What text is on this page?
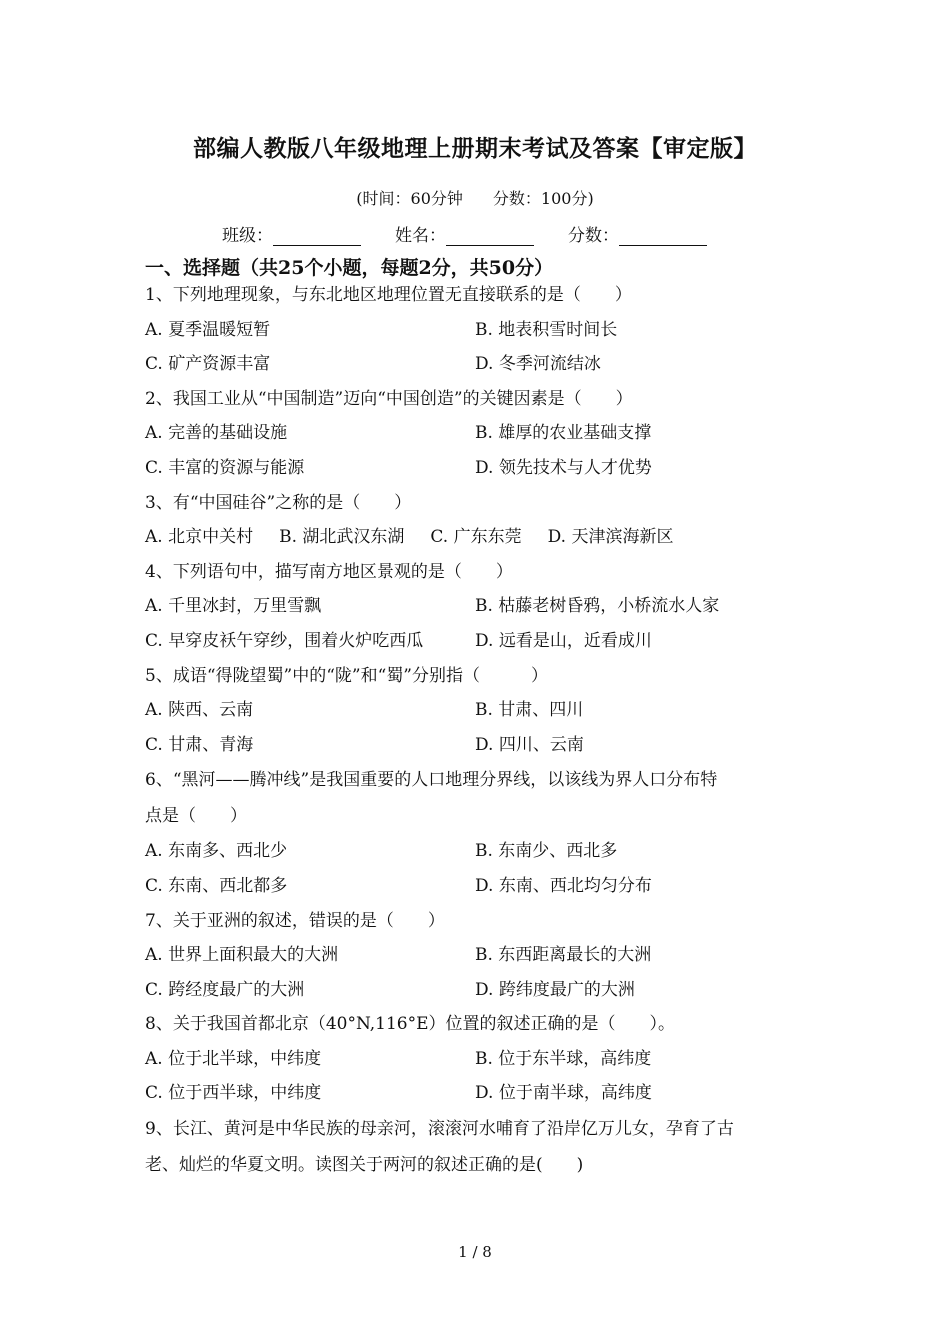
部编人教版八年级地理上册期末考试及答案【审定版】
(时间：60分钟 分数：100分)
班级：	姓名：	分数：
一、选择题（共25个小题，每题2分，共50分）
1、下列地理现象，与东北地区地理位置无直接联系的是（　　）
A. 夏季温暖短暂	B. 地表积雪时间长
C. 矿产资源丰富	D. 冬季河流结冰
2、我国工业从“中国制造”迈向“中国创造”的关键因素是（　　）
A. 完善的基础设施	B. 雄厚的农业基础支撑
C. 丰富的资源与能源	D. 领先技术与人才优势
3、有“中国硅谷”之称的是（　　）
A. 北京中关村 B. 湖北武汉东湖 C. 广东东莞 D. 天津滨海新区
4、下列语句中，描写南方地区景观的是（　　）
A. 千里冰封，万里雪飘	B. 枯藤老树昏鸦，小桥流水人家
C. 早穿皮袄午穿纱，围着火炉吃西瓜	D. 远看是山，近看成川
5、成语“得陇望蜀”中的“陇”和“蜀”分别指（　　　）
A. 陕西、云南	B. 甘肃、四川
C. 甘肃、青海	D. 四川、云南
6、“黑河——腾冲线”是我国重要的人口地理分界线，以该线为界人口分布特
点是（　　）
A. 东南多、西北少	B. 东南少、西北多
C. 东南、西北都多	D. 东南、西北均匀分布
7、关于亚洲的叙述，错误的是（　　）
A. 世界上面积最大的大洲	B. 东西距离最长的大洲
C. 跨经度最广的大洲	D. 跨纬度最广的大洲
8、关于我国首都北京（40°N,116°E）位置的叙述正确的是（　　）。
A. 位于北半球，中纬度	B. 位于东半球，高纬度
C. 位于西半球，中纬度	D. 位于南半球，高纬度
9、长江、黄河是中华民族的母亲河，滚滚河水哺育了沿岸亿万儿女，孕育了古
老、灿烂的华夏文明。读图关于两河的叙述正确的是(　　)
1 / 8
